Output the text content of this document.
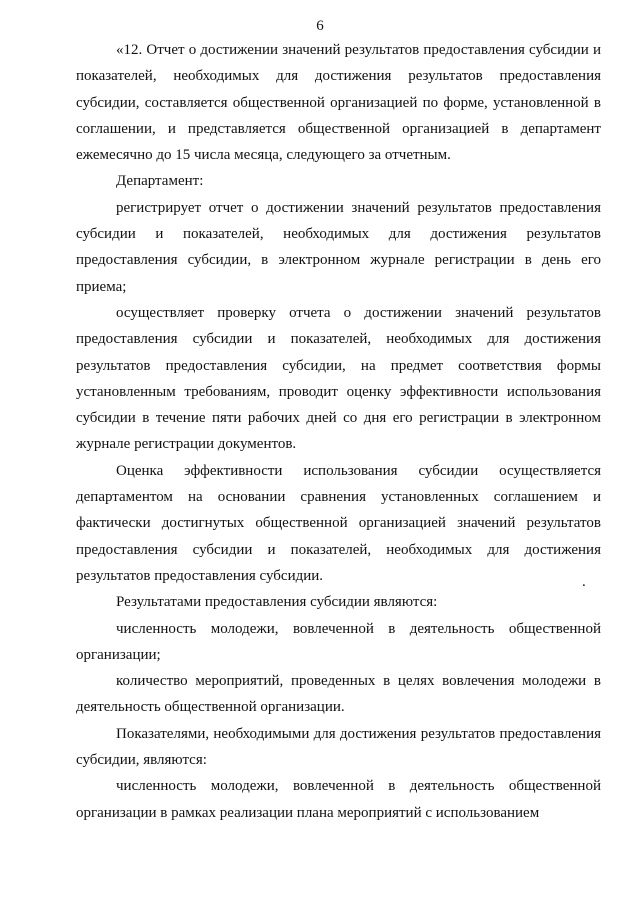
6

«12. Отчет о достижении значений результатов предоставления субсидии и показателей, необходимых для достижения результатов предоставления субсидии, составляется общественной организацией по форме, установленной в соглашении, и представляется общественной организацией в департамент ежемесячно до 15 числа месяца, следующего за отчетным.

Департамент:

регистрирует отчет о достижении значений результатов предоставления субсидии и показателей, необходимых для достижения результатов предоставления субсидии, в электронном журнале регистрации в день его приема;

осуществляет проверку отчета о достижении значений результатов предоставления субсидии и показателей, необходимых для достижения результатов предоставления субсидии, на предмет соответствия формы установленным требованиям, проводит оценку эффективности использования субсидии в течение пяти рабочих дней со дня его регистрации в электронном журнале регистрации документов.

Оценка эффективности использования субсидии осуществляется департаментом на основании сравнения установленных соглашением и фактически достигнутых общественной организацией значений результатов предоставления субсидии и показателей, необходимых для достижения результатов предоставления субсидии.

Результатами предоставления субсидии являются:

численность молодежи, вовлеченной в деятельность общественной организации;

количество мероприятий, проведенных в целях вовлечения молодежи в деятельность общественной организации.

Показателями, необходимыми для достижения результатов предоставления субсидии, являются:

численность молодежи, вовлеченной в деятельность общественной организации в рамках реализации плана мероприятий с использованием

.
